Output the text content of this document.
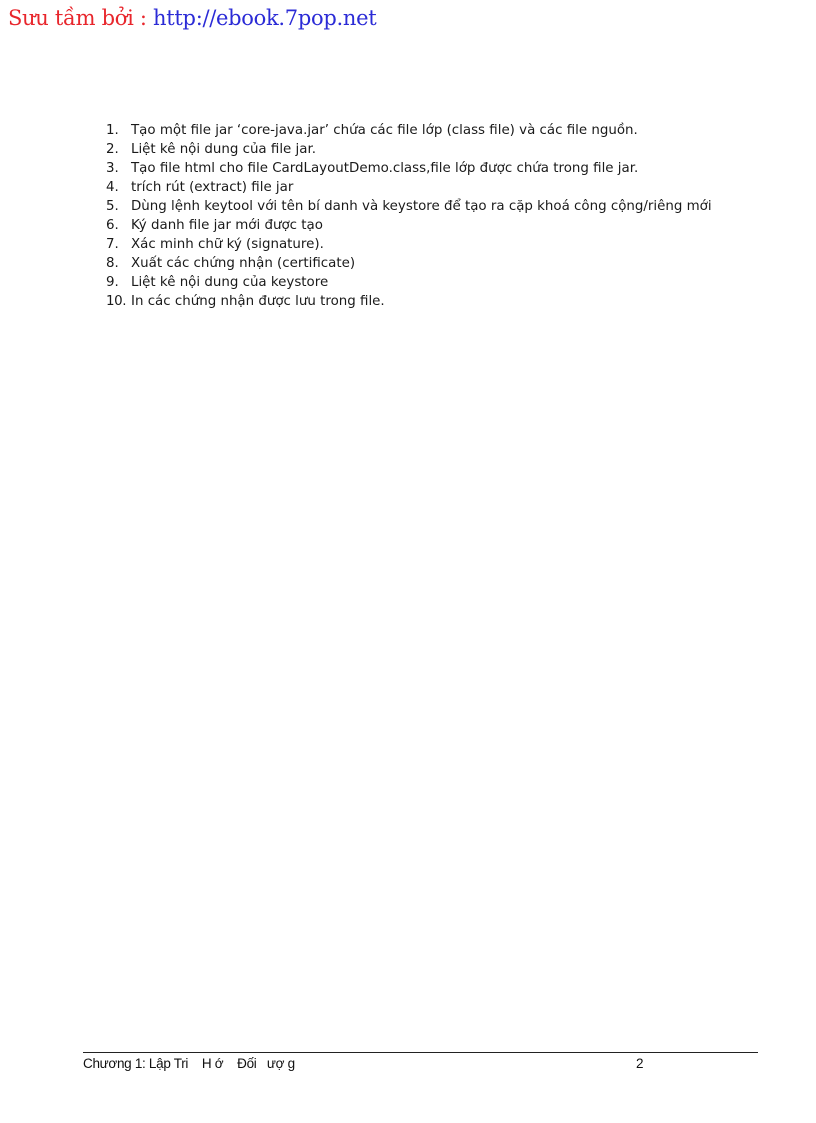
Sưu tầm bởi : http://ebook.7pop.net
1. Tạo một file jar ‘core-java.jar’ chứa các file lớp (class file) và các file nguồn.
2. Liệt kê nội dung của file jar.
3. Tạo file html cho file CardLayoutDemo.class,file lớp được chứa trong file jar.
4. trích rút (extract) file jar
5. Dùng lệnh keytool với tên bí danh và keystore để tạo ra cặp khoá công cộng/riêng mới
6. Ký danh file jar mới được tạo
7. Xác minh chữ ký (signature).
8. Xuất các chứng nhận (certificate)
9. Liệt kê nội dung của keystore
10. In các chứng nhận được lưu trong file.
Chương 1: Lập Tri    H ớ    Đối   ượ g	2
